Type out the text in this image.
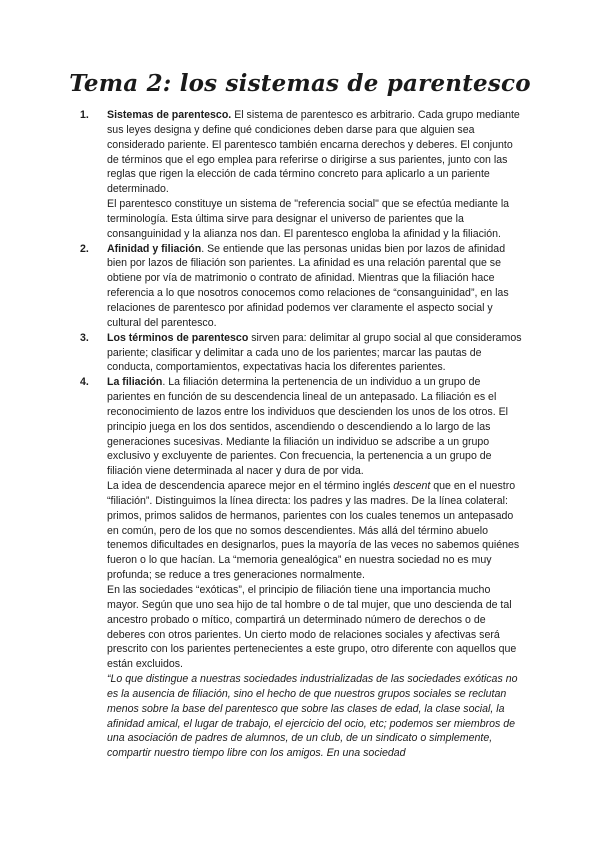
Tema 2: los sistemas de parentesco
1. Sistemas de parentesco. El sistema de parentesco es arbitrario. Cada grupo mediante sus leyes designa y define qué condiciones deben darse para que alguien sea considerado pariente. El parentesco también encarna derechos y deberes. El conjunto de términos que el ego emplea para referirse o dirigirse a sus parientes, junto con las reglas que rigen la elección de cada término concreto para aplicarlo a un pariente determinado.

El parentesco constituye un sistema de "referencia social" que se efectúa mediante la terminología. Esta última sirve para designar el universo de parientes que la consanguinidad y la alianza nos dan. El parentesco engloba la afinidad y la filiación.

2. Afinidad y filiación. Se entiende que las personas unidas bien por lazos de afinidad bien por lazos de filiación son parientes. La afinidad es una relación parental que se obtiene por vía de matrimonio o contrato de afinidad. Mientras que la filiación hace referencia a lo que nosotros conocemos como relaciones de “consanguinidad”, en las relaciones de parentesco por afinidad podemos ver claramente el aspecto social y cultural del parentesco.

3. Los términos de parentesco sirven para: delimitar al grupo social al que consideramos pariente; clasificar y delimitar a cada uno de los parientes; marcar las pautas de conducta, comportamientos, expectativas hacia los diferentes parientes.

4. La filiación. La filiación determina la pertenencia de un individuo a un grupo de parientes en función de su descendencia lineal de un antepasado. La filiación es el reconocimiento de lazos entre los individuos que descienden los unos de los otros. El principio juega en los dos sentidos, ascendiendo o descendiendo a lo largo de las generaciones sucesivas. Mediante la filiación un individuo se adscribe a un grupo exclusivo y excluyente de parientes. Con frecuencia, la pertenencia a un grupo de filiación viene determinada al nacer y dura de por vida.

La idea de descendencia aparece mejor en el término inglés descent que en el nuestro “filiación”. Distinguimos la línea directa: los padres y las madres. De la línea colateral: primos, primos salidos de hermanos, parientes con los cuales tenemos un antepasado en común, pero de los que no somos descendientes. Más allá del término abuelo tenemos dificultades en designarlos, pues la mayoría de las veces no sabemos quiénes fueron o lo que hacían. La “memoria genealógica” en nuestra sociedad no es muy profunda; se reduce a tres generaciones normalmente.

En las sociedades “exóticas”, el principio de filiación tiene una importancia mucho mayor. Según que uno sea hijo de tal hombre o de tal mujer, que uno descienda de tal ancestro probado o mítico, compartirá un determinado número de derechos o de deberes con otros parientes. Un cierto modo de relaciones sociales y afectivas será prescrito con los parientes pertenecientes a este grupo, otro diferente con aquellos que están excluidos.

“Lo que distingue a nuestras sociedades industrializadas de las sociedades exóticas no es la ausencia de filiación, sino el hecho de que nuestros grupos sociales se reclutan menos sobre la base del parentesco que sobre las clases de edad, la clase social, la afinidad amical, el lugar de trabajo, el ejercicio del ocio, etc; podemos ser miembros de una asociación de padres de alumnos, de un club, de un sindicato o simplemente, compartir nuestro tiempo libre con los amigos. En una sociedad
